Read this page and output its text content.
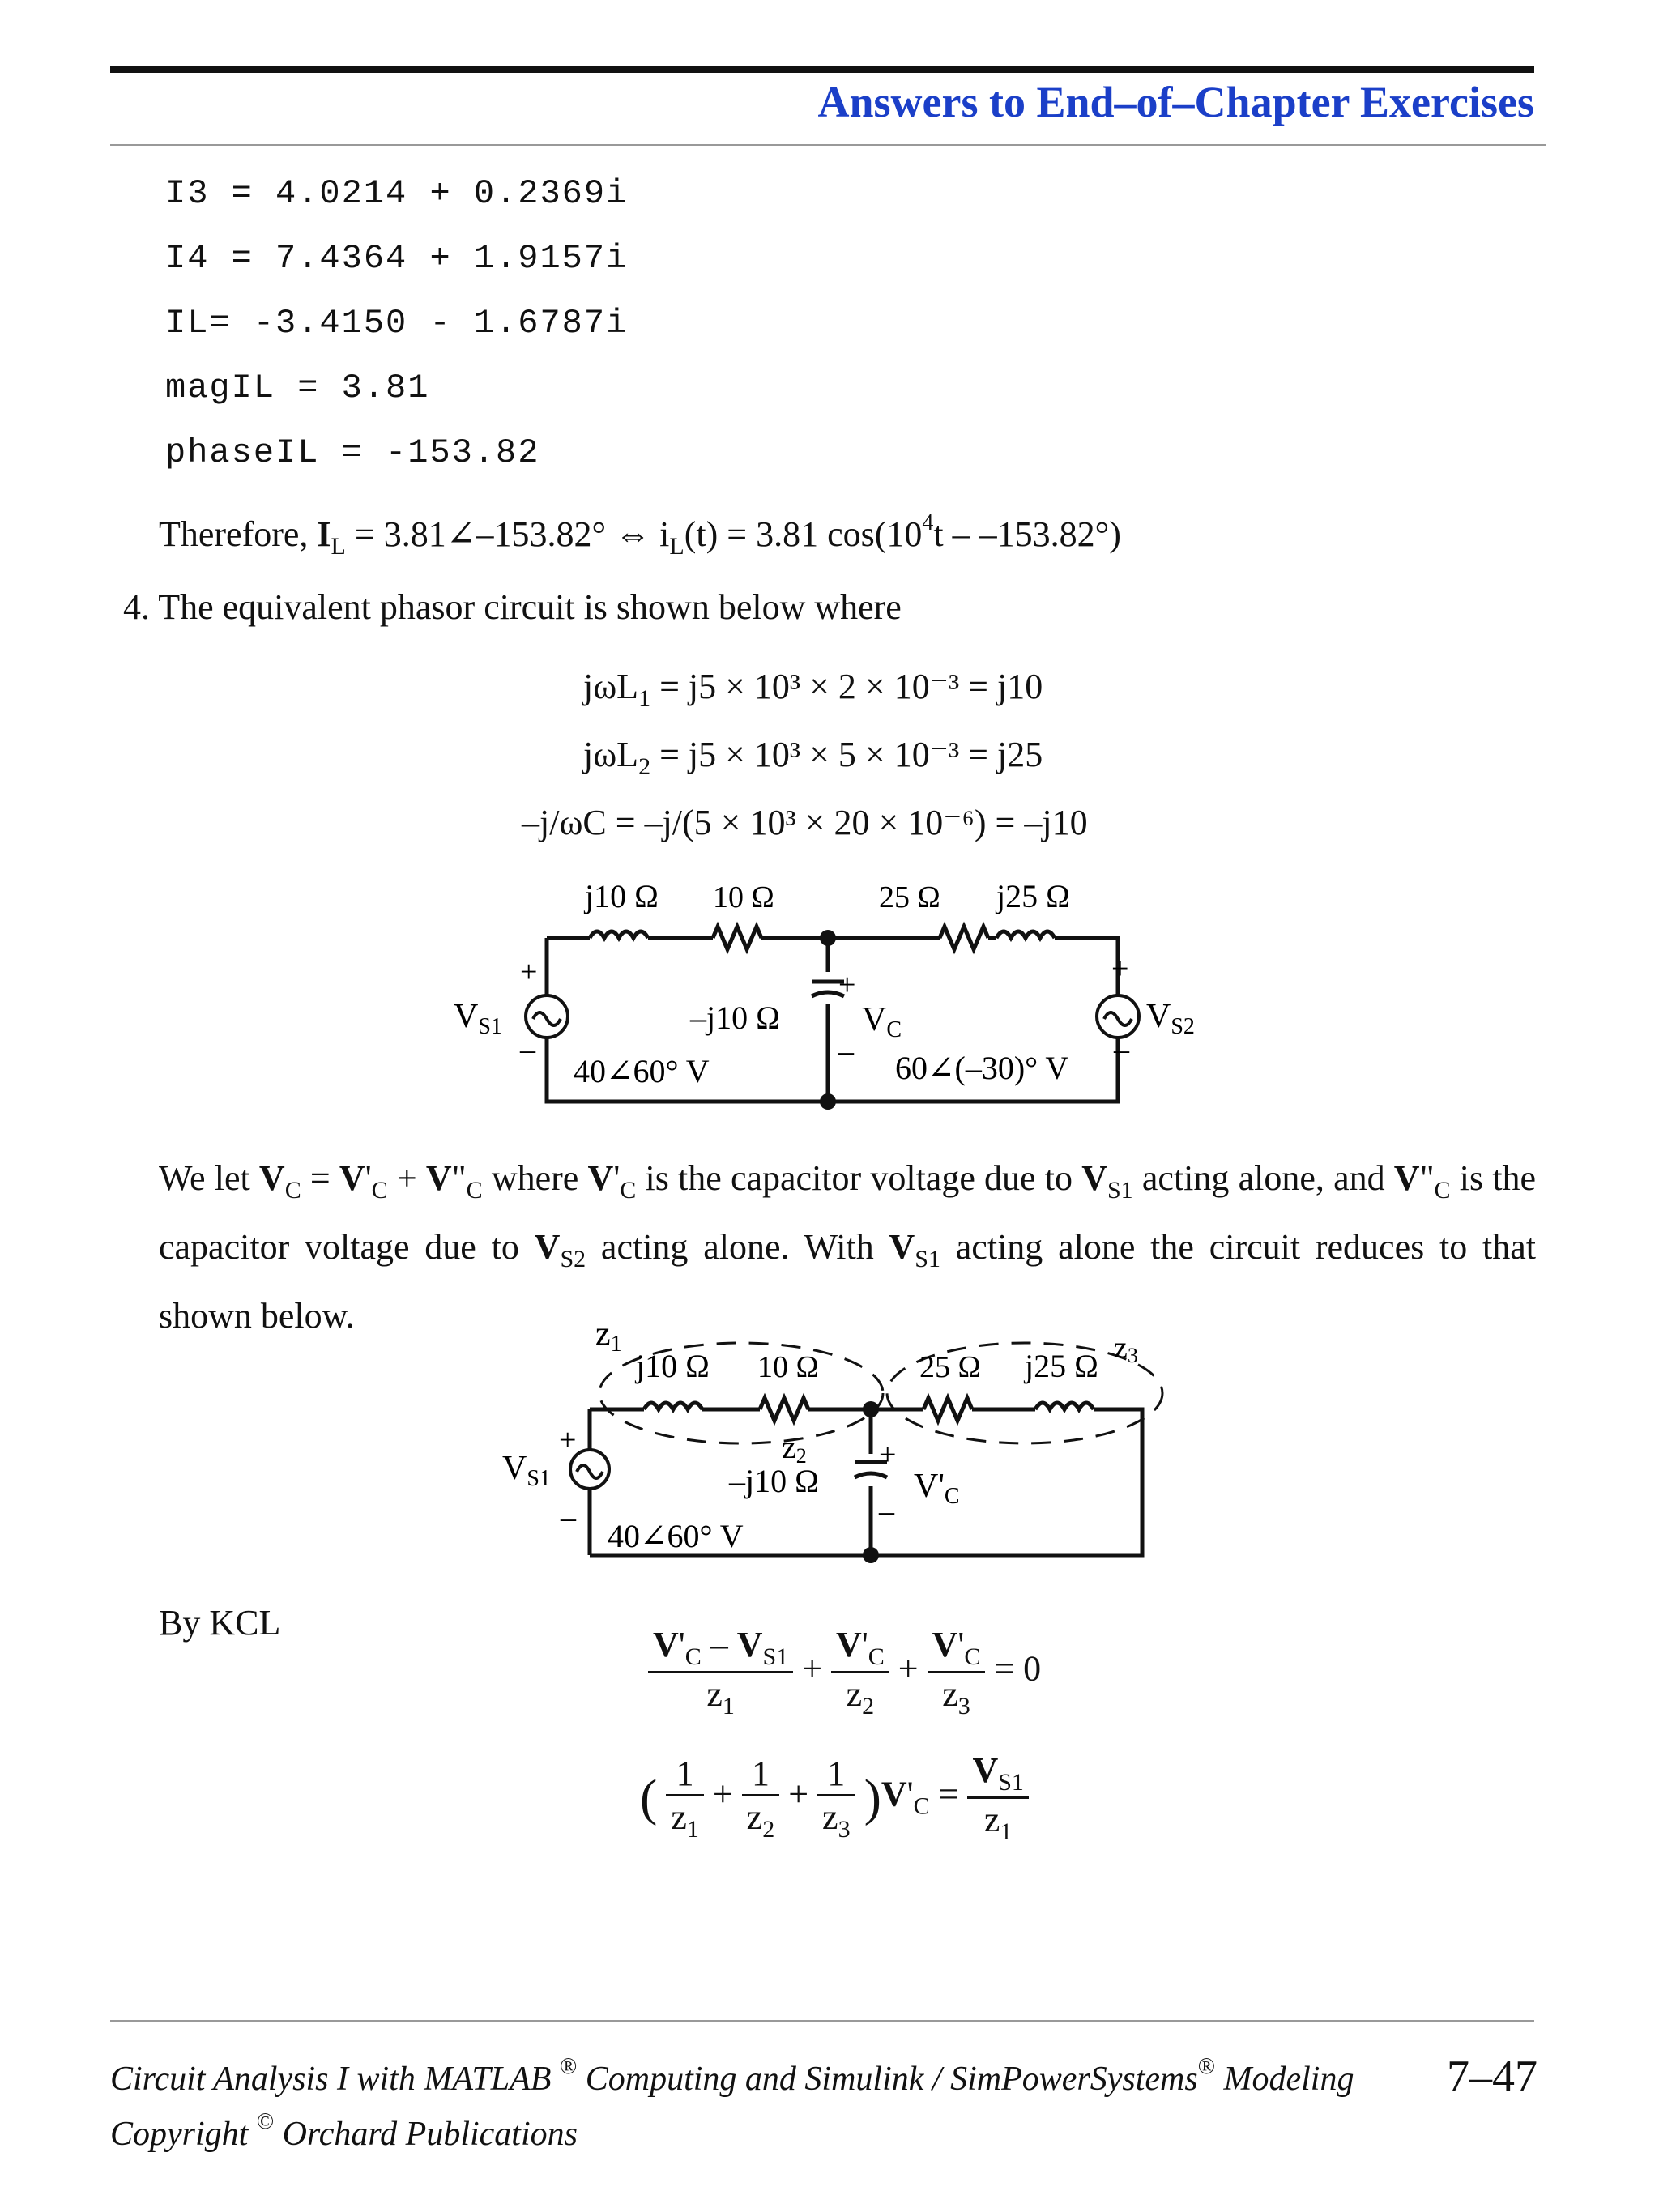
Answers to End–of–Chapter Exercises
I3 = 4.0214 + 0.2369i
I4 = 7.4364 + 1.9157i
IL= -3.4150 - 1.6787i
magIL = 3.81
phaseIL = -153.82
Therefore, $I_L$ = 3.81∠–153.82° ⇔ $i_L(t) = 3.81$ $\cos(10^4t - -153.82^\circ)$
4. The equivalent phasor circuit is shown below where
jωL$_1$ = j5 × 10³ × 2 × 10⁻³ = j10
jωL$_2$ = j5 × 10³ × 5 × 10⁻³ = j25
–j/ωC = –j/(5 × 10³ × 20 × 10⁻⁶) = –j10
j10 Ω 10 Ω	25 Ω j25 Ω
+
–
VS1	–j10 Ω
+
–
VC
40∠60° V	60∠(–30)° V
+
–
VS2
We let $V_C = V'_C$ + $V"_C$ where $V'_C$ is the capacitor voltage due to $V_{S1}$ acting alone, and $V"_C$ is the capacitor voltage due to $V_{S2}$ acting alone. With $V_{S1}$ acting alone the circuit reduces to that shown below.	z1
j10 Ω 10 Ω	25 Ω j25 Ω z3
z2
–j10 Ω
+
–
VS1
+
–
V'C
40∠60° V
By KCL
$\frac{V'_C - V_{S1}}{z_1} + \frac{V'_C}{z_2} + \frac{V'_C}{z_3} = 0$
( $\frac{1}{z_1} + \frac{1}{z_2} + \frac{1}{z_3} )V'_C = \frac{V_{S1}}{z_1}$
Circuit Analysis I with MATLAB ® Computing and Simulink / SimPowerSystems® Modeling 7–47
Copyright © Orchard Publications
